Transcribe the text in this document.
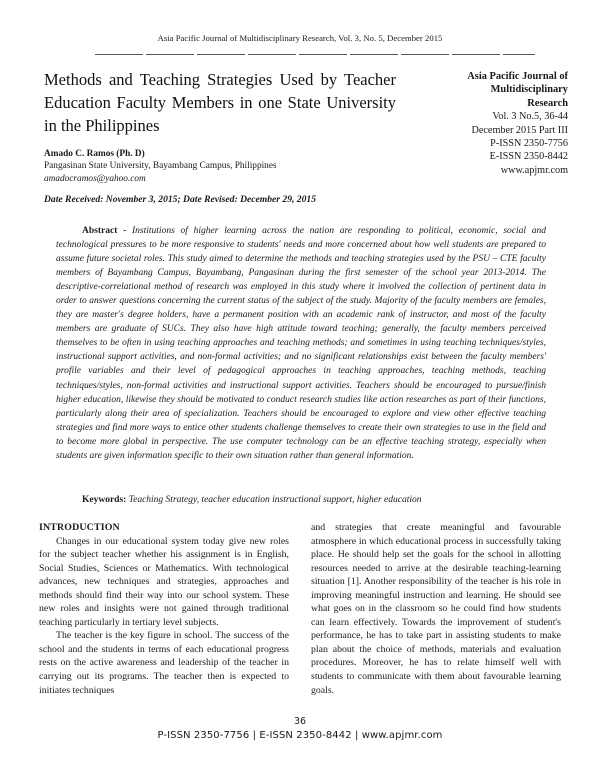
Asia Pacific Journal of Multidisciplinary Research, Vol. 3, No. 5, December 2015
Methods and Teaching Strategies Used by Teacher Education Faculty Members in one State University in the Philippines
Amado C. Ramos (Ph. D)
Pangasinan State University, Bayambang Campus, Philippines
amadocramos@yahoo.com
Asia Pacific Journal of
Multidisciplinary
Research
Vol. 3 No.5, 36-44
December 2015 Part III
P-ISSN 2350-7756
E-ISSN 2350-8442
www.apjmr.com
Date Received: November 3, 2015; Date Revised: December 29, 2015
Abstract - Institutions of higher learning across the nation are responding to political, economic, social and technological pressures to be more responsive to students' needs and more concerned about how well students are prepared to assume future societal roles. This study aimed to determine the methods and teaching strategies used by the PSU – CTE faculty members of Bayambang Campus, Bayambang, Pangasinan during the first semester of the school year 2013-2014. The descriptive-correlational method of research was employed in this study where it involved the collection of pertinent data in order to answer questions concerning the current status of the subject of the study. Majority of the faculty members are females, they are master's degree holders, have a permanent position with an academic rank of instructor, and most of the faculty members are graduate of SUCs. They also have high attitude toward teaching; generally, the faculty members perceived themselves to be often in using teaching approaches and teaching methods; and sometimes in using teaching techniques/styles, instructional support activities, and non-formal activities; and no significant relationships exist between the faculty members' profile variables and their level of pedagogical approaches in teaching approaches, teaching methods, teaching techniques/styles, non-formal activities and instructional support activities. Teachers should be encouraged to pursue/finish higher education, likewise they should be motivated to conduct research studies like action researches as part of their functions, particularly along their area of specialization. Teachers should be encouraged to explore and view other effective teaching strategies and find more ways to entice other students challenge themselves to create their own strategies to use in the field and to become more global in perspective. The use computer technology can be an effective teaching strategy, especially when students are given information specific to their own situation rather than general information.
Keywords: Teaching Strategy, teacher education instructional support, higher education
INTRODUCTION

Changes in our educational system today give new roles for the subject teacher whether his assignment is in English, Social Studies, Sciences or Mathematics. With technological advances, new techniques and strategies, approaches and methods should find their way into our school system. These new roles and insights were not gained through traditional teaching particularly in tertiary level subjects.

The teacher is the key figure in school. The success of the school and the students in terms of each educational progress rests on the active awareness and leadership of the teacher in carrying out its programs. The teacher then is expected to initiates techniques

and strategies that create meaningful and favourable atmosphere in which educational process in successfully taking place. He should help set the goals for the school in allotting resources needed to arrive at the desirable teaching-learning situation [1]. Another responsibility of the teacher is his role in improving meaningful instruction and learning. He should see what goes on in the classroom so he could find how students can learn effectively. Towards the improvement of student's performance, he has to take part in assisting students to make plan about the choice of methods, materials and evaluation procedures. Moreover, he has to relate himself well with students to communicate with them about favourable learning goals.

36
P-ISSN 2350-7756 | E-ISSN 2350-8442 | www.apjmr.com
